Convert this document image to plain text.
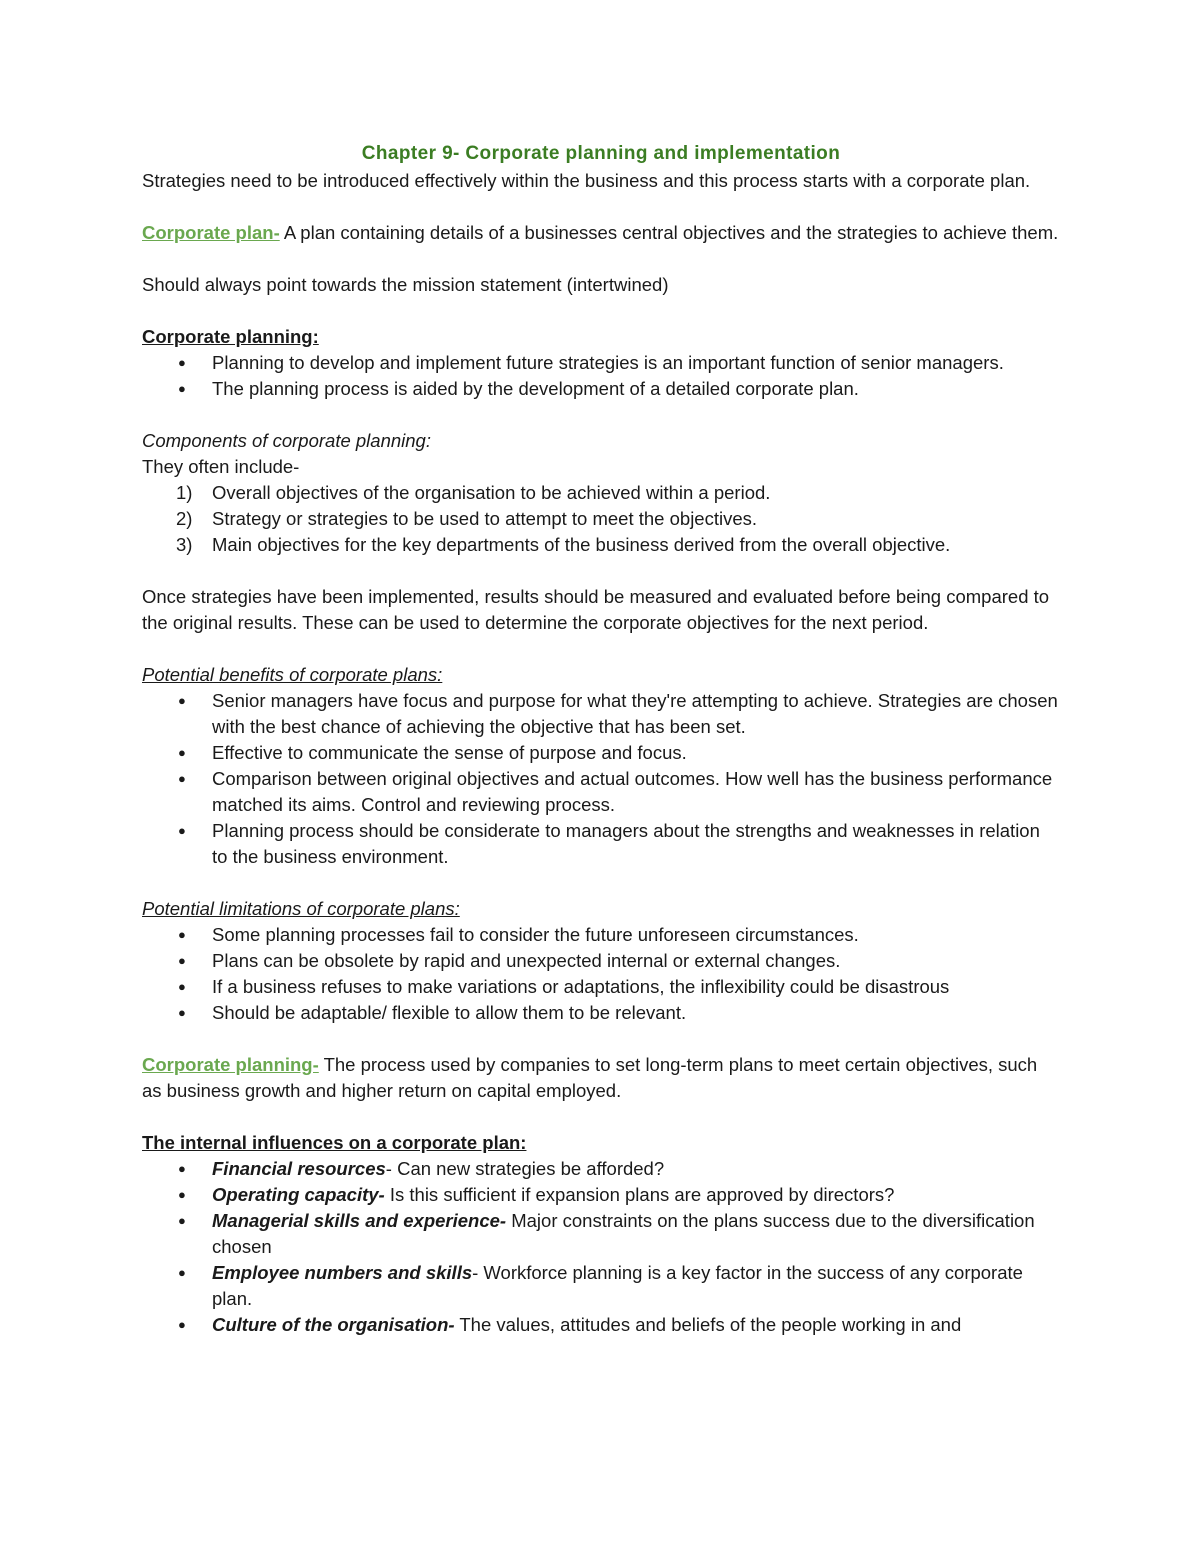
Chapter 9- Corporate planning and implementation

Strategies need to be introduced effectively within the business and this process starts with a corporate plan.

Corporate plan- A plan containing details of a businesses central objectives and the strategies to achieve them.

Should always point towards the mission statement (intertwined)

Corporate planning:

●	Planning to develop and implement future strategies is an important function of senior managers.
●	The planning process is aided by the development of a detailed corporate plan.

Components of corporate planning:

They often include-

1)	Overall objectives of the organisation to be achieved within a period.
2)	Strategy or strategies to be used to attempt to meet the objectives.
3)	Main objectives for the key departments of the business derived from the overall objective.

Once strategies have been implemented, results should be measured and evaluated before being compared to the original results. These can be used to determine the corporate objectives for the next period.

Potential benefits of corporate plans:

●	Senior managers have focus and purpose for what they're attempting to achieve. Strategies are chosen with the best chance of achieving the objective that has been set.
●	Effective to communicate the sense of purpose and focus.
●	Comparison between original objectives and actual outcomes. How well has the business performance matched its aims. Control and reviewing process.
●	Planning process should be considerate to managers about the strengths and weaknesses in relation to the business environment.

Potential limitations of corporate plans:

●	Some planning processes fail to consider the future unforeseen circumstances.
●	Plans can be obsolete by rapid and unexpected internal or external changes.
●	If a business refuses to make variations or adaptations, the inflexibility could be disastrous
●	Should be adaptable/ flexible to allow them to be relevant.

Corporate planning- The process used by companies to set long-term plans to meet certain objectives, such as business growth and higher return on capital employed.

The internal influences on a corporate plan:

●	Financial resources- Can new strategies be afforded?
●	Operating capacity- Is this sufficient if expansion plans are approved by directors?
●	Managerial skills and experience- Major constraints on the plans success due to the diversification chosen
●	Employee numbers and skills- Workforce planning is a key factor in the success of any corporate plan.
●	Culture of the organisation- The values, attitudes and beliefs of the people working in and
